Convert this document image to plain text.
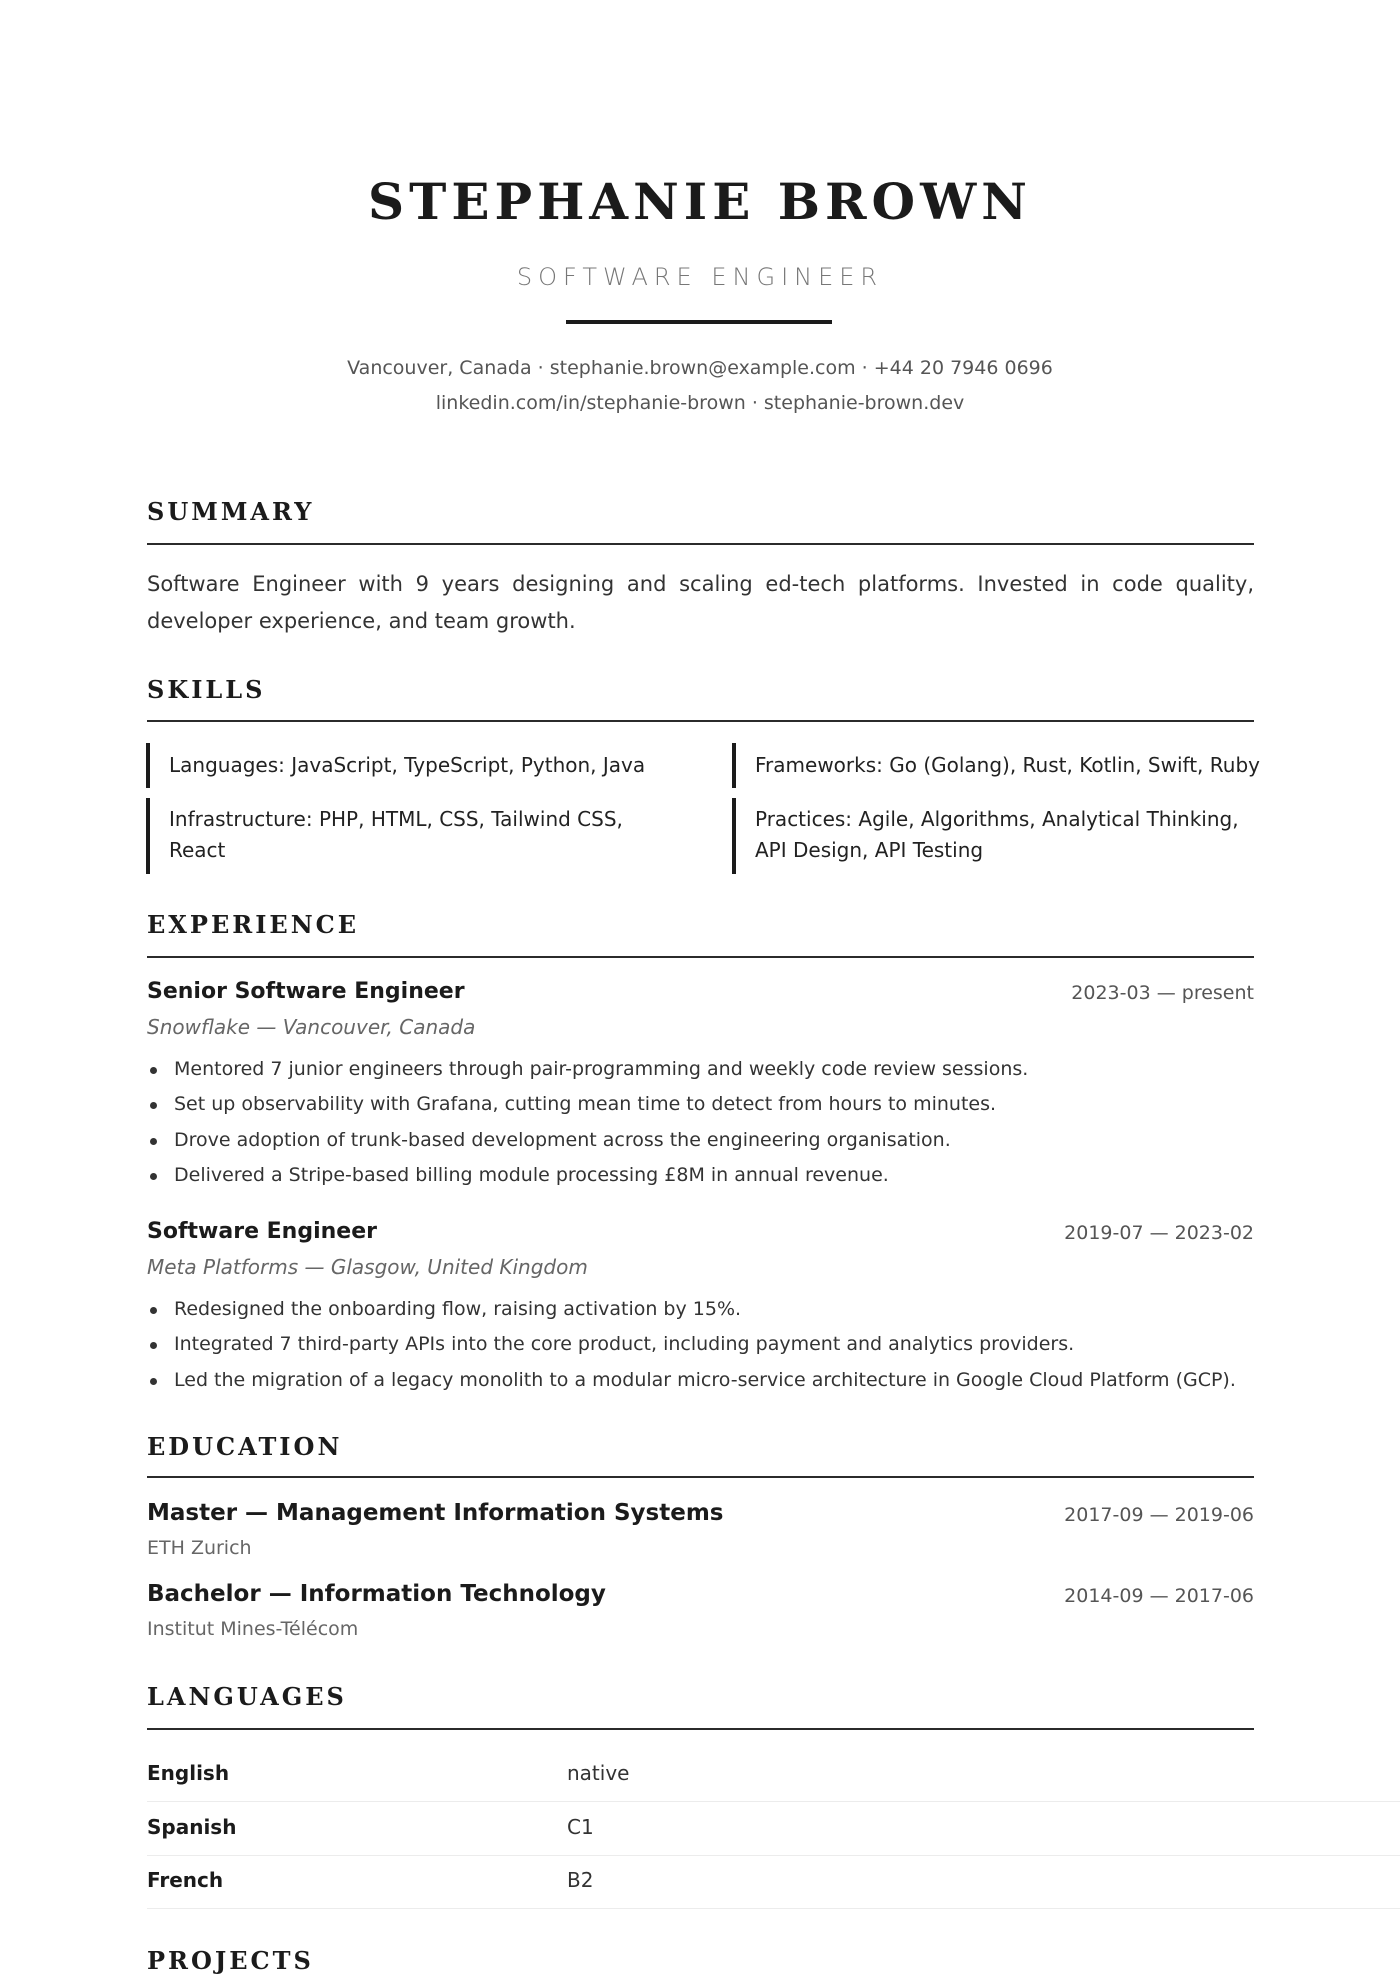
STEPHANIE BROWN
SOFTWARE ENGINEER
Vancouver, Canada · stephanie.brown@example.com · +44 20 7946 0696
linkedin.com/in/stephanie-brown · stephanie-brown.dev
SUMMARY
Software Engineer with 9 years designing and scaling ed-tech platforms. Invested in code quality, developer experience, and team growth.
SKILLS
Languages: JavaScript, TypeScript, Python, Java	Frameworks: Go (Golang), Rust, Kotlin, Swift, Ruby
Infrastructure: PHP, HTML, CSS, Tailwind CSS, React
Practices: Agile, Algorithms, Analytical Thinking, API Design, API Testing
EXPERIENCE
Senior Software Engineer	2023-03 — present
Snowflake — Vancouver, Canada
Mentored 7 junior engineers through pair-programming and weekly code review sessions.
Set up observability with Grafana, cutting mean time to detect from hours to minutes.
Drove adoption of trunk-based development across the engineering organisation.
Delivered a Stripe-based billing module processing £8M in annual revenue.
Software Engineer	2019-07 — 2023-02
Meta Platforms — Glasgow, United Kingdom
Redesigned the onboarding flow, raising activation by 15%.
Integrated 7 third-party APIs into the core product, including payment and analytics providers.
Led the migration of a legacy monolith to a modular micro-service architecture in Google Cloud Platform (GCP).
EDUCATION
Master — Management Information Systems	2017-09 — 2019-06
ETH Zurich
Bachelor — Information Technology	2014-09 — 2017-06
Institut Mines-Télécom
LANGUAGES
English	native
Spanish	C1
French	B2
PROJECTS
